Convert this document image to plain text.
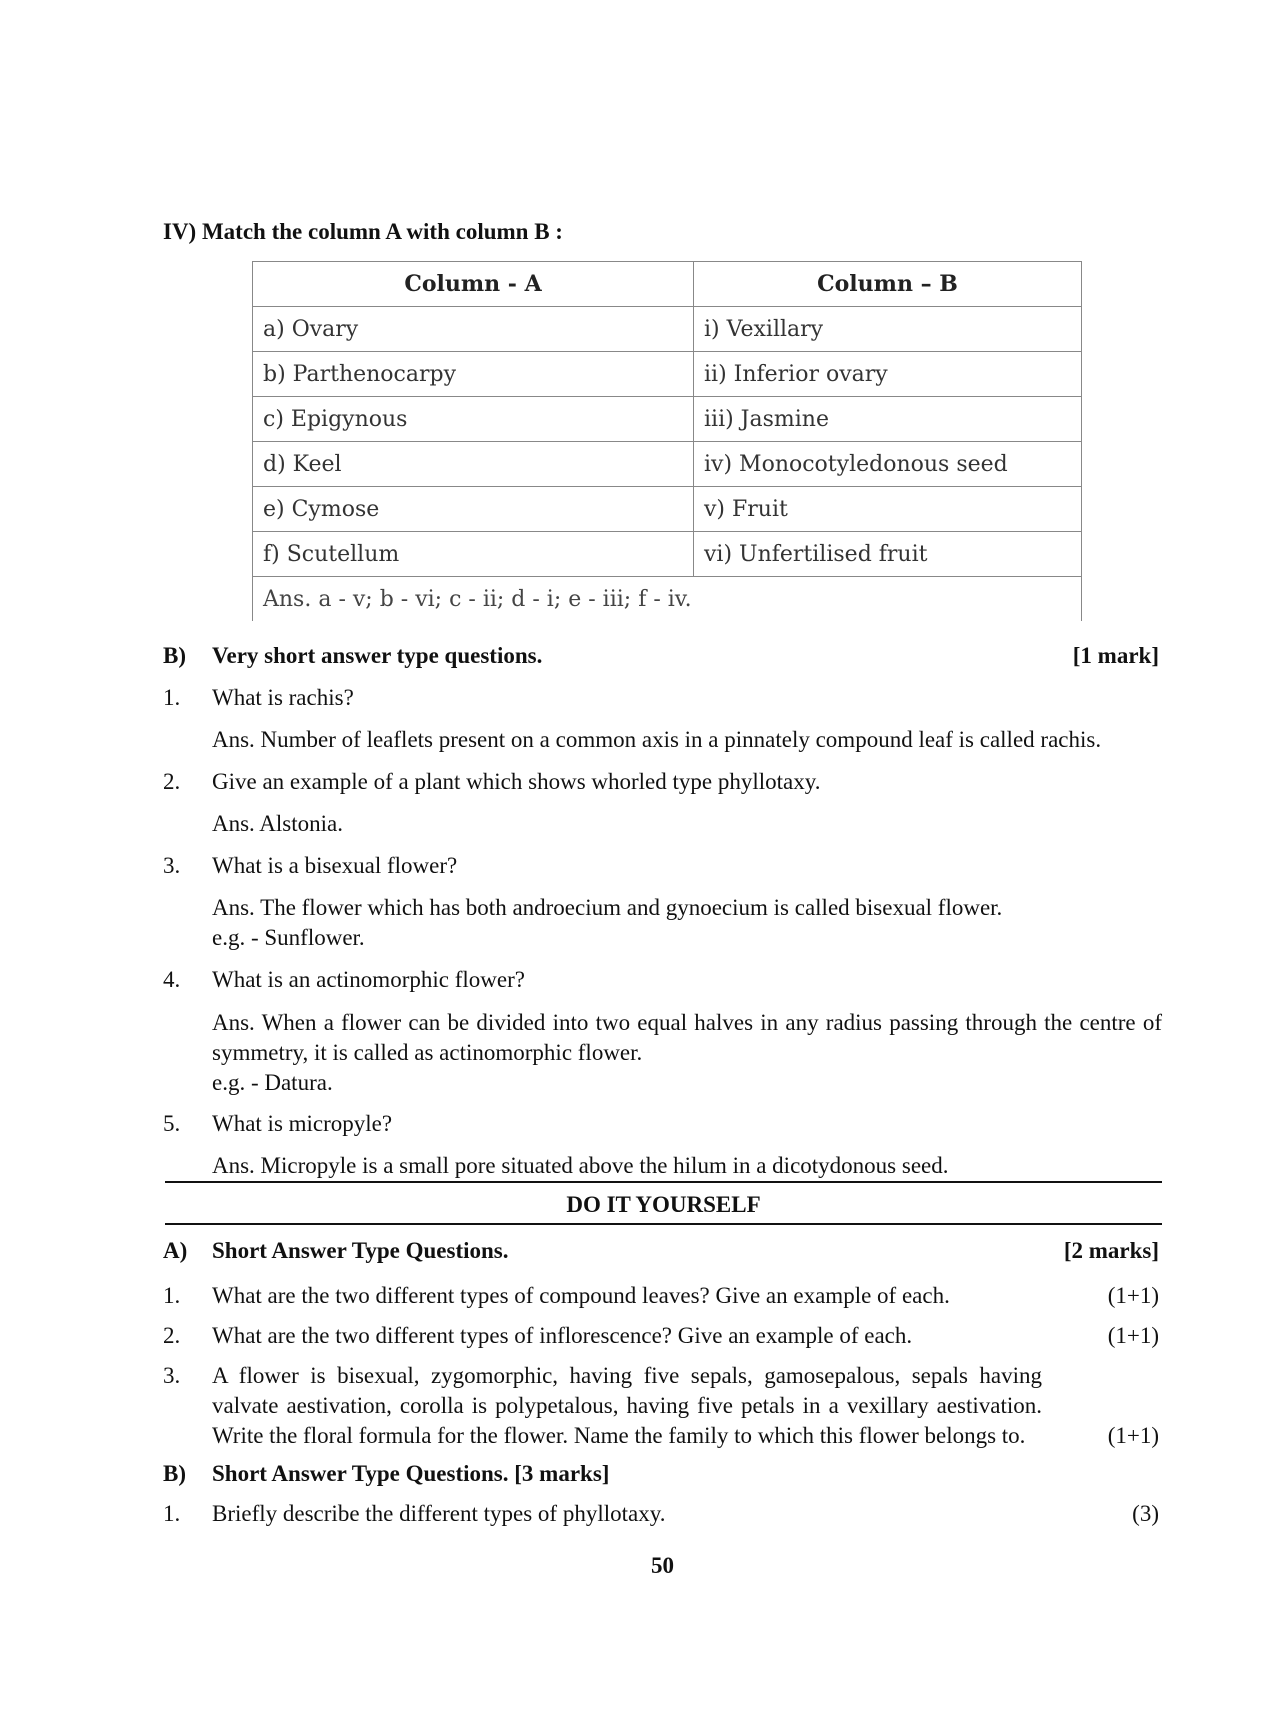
IV) Match the column A with column B :
Column - A	Column – B
a) Ovary	i) Vexillary
b) Parthenocarpy	ii) Inferior ovary
c) Epigynous	iii) Jasmine
d) Keel	iv) Monocotyledonous seed
e) Cymose	v) Fruit
f) Scutellum	vi) Unfertilised fruit
Ans. a - v; b - vi; c - ii; d - i; e - iii; f - iv.	
B) Very short answer type questions.	[1 mark]
1.	What is rachis?
Ans. Number of leaflets present on a common axis in a pinnately compound leaf is called rachis.
2.	Give an example of a plant which shows whorled type phyllotaxy.
Ans. Alstonia.
3.	What is a bisexual flower?
Ans. The flower which has both androecium and gynoecium is called bisexual flower.
e.g. - Sunflower.
4.	What is an actinomorphic flower?
Ans. When a flower can be divided into two equal halves in any radius passing through the centre of symmetry, it is called as actinomorphic flower.
e.g. - Datura.
5.	What is micropyle?
Ans. Micropyle is a small pore situated above the hilum in a dicotydonous seed.
DO IT YOURSELF
A) Short Answer Type Questions.	[2 marks]
1.	What are the two different types of compound leaves? Give an example of each.	(1+1)
2.	What are the two different types of inflorescence? Give an example of each.	(1+1)
3.	A flower is bisexual, zygomorphic, having five sepals, gamosepalous, sepals having valvate aestivation, corolla is polypetalous, having five petals in a vexillary aestivation. Write the floral formula for the flower. Name the family to which this flower belongs to.	(1+1)
B) Short Answer Type Questions. [3 marks]
1.	Briefly describe the different types of phyllotaxy.	(3)
50
